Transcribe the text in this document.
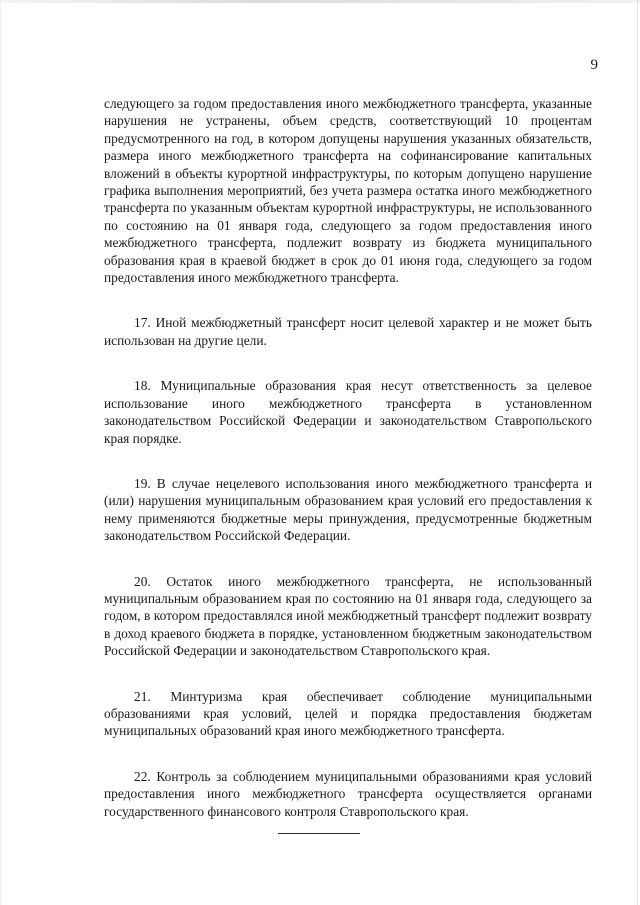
9

следующего за годом предоставления иного межбюджетного трансферта, указанные нарушения не устранены, объем средств, соответствующий 10 процентам предусмотренного на год, в котором допущены нарушения указанных обязательств, размера иного межбюджетного трансферта на софинансирование капитальных вложений в объекты курортной инфраструктуры, по которым допущено нарушение графика выполнения мероприятий, без учета размера остатка иного межбюджетного трансферта по указанным объектам курортной инфраструктуры, не использованного по состоянию на 01 января года, следующего за годом предоставления иного межбюджетного трансферта, подлежит возврату из бюджета муниципального образования края в краевой бюджет в срок до 01 июня года, следующего за годом предоставления иного межбюджетного трансферта.

17. Иной межбюджетный трансферт носит целевой характер и не может быть использован на другие цели.

18. Муниципальные образования края несут ответственность за целевое использование иного межбюджетного трансферта в установленном законодательством Российской Федерации и законодательством Ставропольского края порядке.

19. В случае нецелевого использования иного межбюджетного трансферта и (или) нарушения муниципальным образованием края условий его предоставления к нему применяются бюджетные меры принуждения, предусмотренные бюджетным законодательством Российской Федерации.

20. Остаток иного межбюджетного трансферта, не использованный муниципальным образованием края по состоянию на 01 января года, следующего за годом, в котором предоставлялся иной межбюджетный трансферт подлежит возврату в доход краевого бюджета в порядке, установленном бюджетным законодательством Российской Федерации и законодательством Ставропольского края.

21. Минтуризма края обеспечивает соблюдение муниципальными образованиями края условий, целей и порядка предоставления бюджетам муниципальных образований края иного межбюджетного трансферта.

22. Контроль за соблюдением муниципальными образованиями края условий предоставления иного межбюджетного трансферта осуществляется органами государственного финансового контроля Ставропольского края.
